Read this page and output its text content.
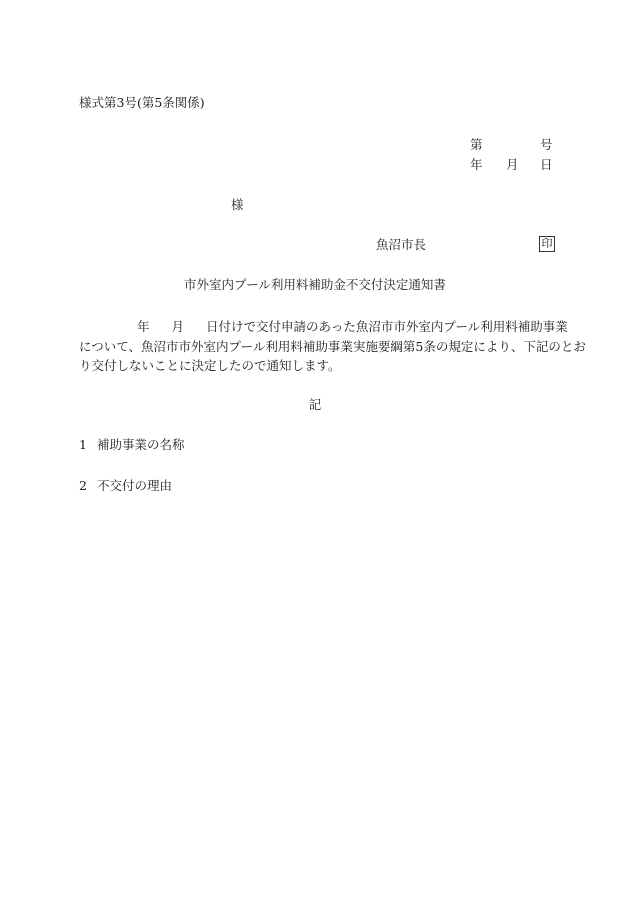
様式第3号(第5条関係)
第	号
年 月 日
様
魚沼市長	印
市外室内プール利用料補助金不交付決定通知書
年 月 日付けで交付申請のあった魚沼市市外室内プール利用料補助事業
について、魚沼市市外室内プール利用料補助事業実施要綱第5条の規定により、下記のとお
り交付しないことに決定したので通知します。
記
1 補助事業の名称
2 不交付の理由
